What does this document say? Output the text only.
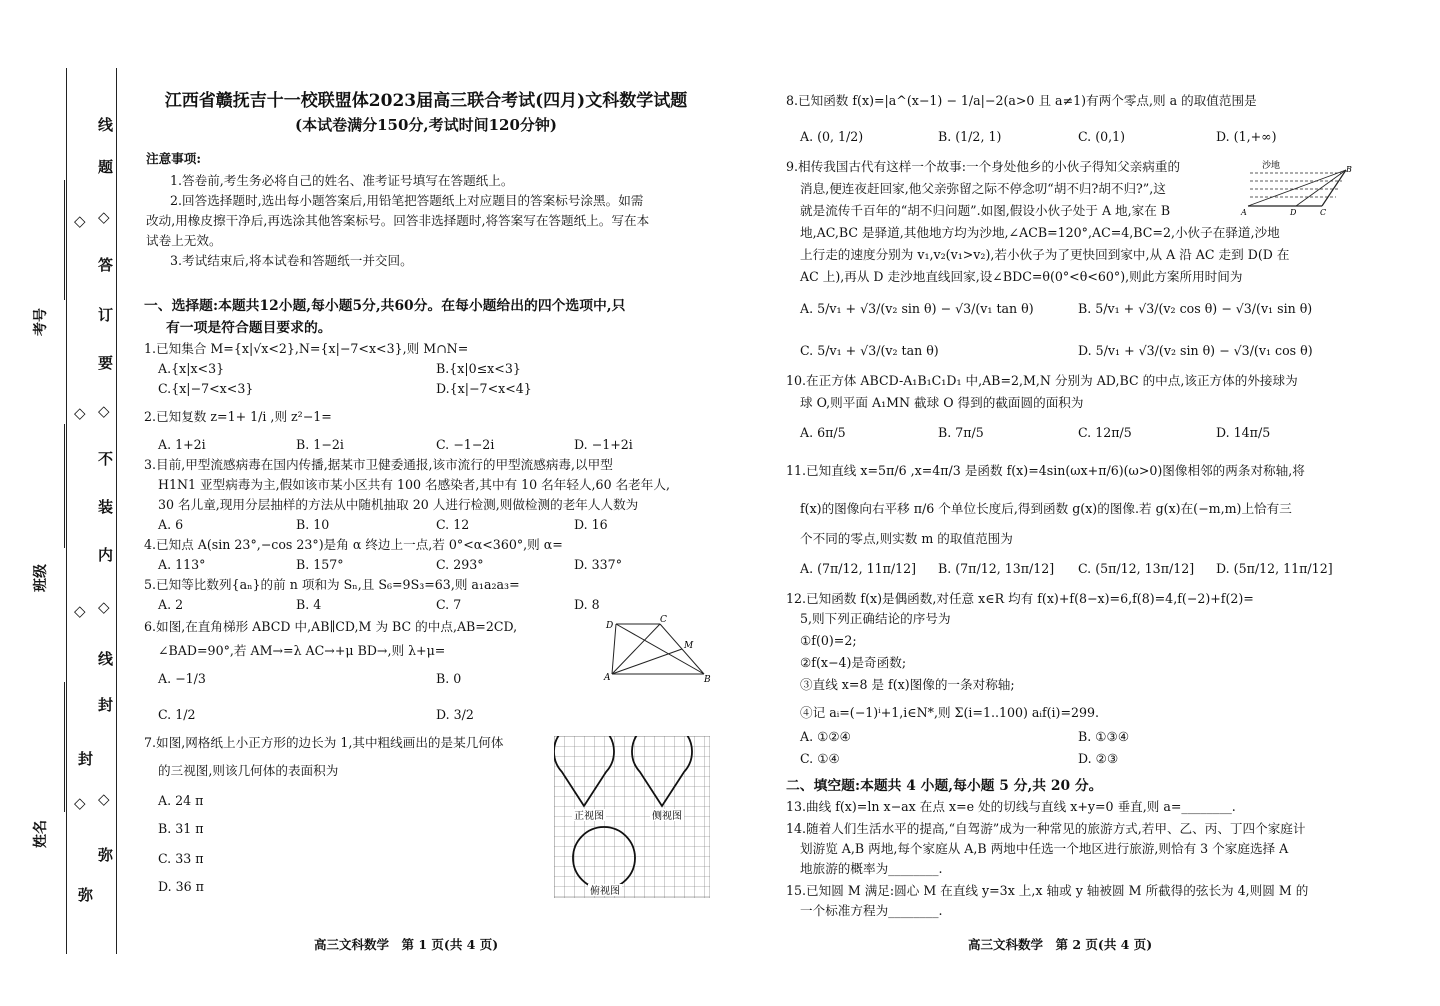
线
题
◇
答
订
要
◇
不
装
内
◇
线
封
◇
封
弥
弥
◇
◇
◇
◇
考号
班级
姓名
江西省赣抚吉十一校联盟体2023届高三联合考试(四月)文科数学试题
(本试卷满分150分,考试时间120分钟)
注意事项:
1.答卷前,考生务必将自己的姓名、准考证号填写在答题纸上。
2.回答选择题时,选出每小题答案后,用铅笔把答题纸上对应题目的答案标号涂黑。如需
改动,用橡皮擦干净后,再选涂其他答案标号。回答非选择题时,将答案写在答题纸上。写在本
试卷上无效。
3.考试结束后,将本试卷和答题纸一并交回。
一、选择题:本题共12小题,每小题5分,共60分。在每小题给出的四个选项中,只
有一项是符合题目要求的。
1.已知集合 M={x|√x<2},N={x|−7<x<3},则 M∩N=
A.{x|x<3}	B.{x|0≤x<3}
C.{x|−7<x<3}	D.{x|−7<x<4}
2.已知复数 z=1+ 1/i ,则 z²−1=
A. 1+2i	B. 1−2i	C. −1−2i	D. −1+2i
3.目前,甲型流感病毒在国内传播,据某市卫健委通报,该市流行的甲型流感病毒,以甲型
H1N1 亚型病毒为主,假如该市某小区共有 100 名感染者,其中有 10 名年轻人,60 名老年人,
30 名儿童,现用分层抽样的方法从中随机抽取 20 人进行检测,则做检测的老年人人数为
A. 6	B. 10	C. 12	D. 16
4.已知点 A(sin 23°,−cos 23°)是角 α 终边上一点,若 0°<α<360°,则 α=
A. 113°	B. 157°	C. 293°	D. 337°
5.已知等比数列{aₙ}的前 n 项和为 Sₙ,且 S₆=9S₃=63,则 a₁a₂a₃=
A. 2	B. 4	C. 7	D. 8
6.如图,在直角梯形 ABCD 中,AB∥CD,M 为 BC 的中点,AB=2CD,
∠BAD=90°,若 AM→=λ AC→+μ BD→,则 λ+μ=
A. −1/3	B. 0
C. 1/2	D. 3/2
D
C
M
A	B
7.如图,网格纸上小正方形的边长为 1,其中粗线画出的是某几何体
的三视图,则该几何体的表面积为
A. 24 π
B. 31 π
C. 33 π
D. 36 π
正视图	侧视图
俯视图
高三文科数学　第 1 页(共 4 页)
8.已知函数 f(x)=|a^(x−1) − 1/a|−2(a>0 且 a≠1)有两个零点,则 a 的取值范围是
A. (0, 1/2)	B. (1/2, 1)	C. (0,1)	D. (1,+∞)
9.相传我国古代有这样一个故事:一个身处他乡的小伙子得知父亲病重的
消息,便连夜赶回家,他父亲弥留之际不停念叨“胡不归?胡不归?”,这
就是流传千百年的“胡不归问题”.如图,假设小伙子处于 A 地,家在 B
地,AC,BC 是驿道,其他地方均为沙地,∠ACB=120°,AC=4,BC=2,小伙子在驿道,沙地
上行走的速度分别为 v₁,v₂(v₁>v₂),若小伙子为了更快回到家中,从 A 沿 AC 走到 D(D 在
AC 上),再从 D 走沙地直线回家,设∠BDC=θ(0°<θ<60°),则此方案所用时间为
A. 5/v₁ + √3/(v₂ sin θ) − √3/(v₁ tan θ)	B. 5/v₁ + √3/(v₂ cos θ) − √3/(v₁ sin θ)
C. 5/v₁ + √3/(v₂ tan θ)	D. 5/v₁ + √3/(v₂ sin θ) − √3/(v₁ cos θ)
沙地	B
A	D	C
10.在正方体 ABCD-A₁B₁C₁D₁ 中,AB=2,M,N 分别为 AD,BC 的中点,该正方体的外接球为
球 O,则平面 A₁MN 截球 O 得到的截面圆的面积为
A. 6π/5	B. 7π/5	C. 12π/5	D. 14π/5
11.已知直线 x=5π/6 ,x=4π/3 是函数 f(x)=4sin(ωx+π/6)(ω>0)图像相邻的两条对称轴,将
f(x)的图像向右平移 π/6 个单位长度后,得到函数 g(x)的图像.若 g(x)在(−m,m)上恰有三
个不同的零点,则实数 m 的取值范围为
A. (7π/12, 11π/12] B. (7π/12, 13π/12] C. (5π/12, 13π/12] D. (5π/12, 11π/12]
12.已知函数 f(x)是偶函数,对任意 x∈R 均有 f(x)+f(8−x)=6,f(8)=4,f(−2)+f(2)=
5,则下列正确结论的序号为
①f(0)=2;
②f(x−4)是奇函数;
③直线 x=8 是 f(x)图像的一条对称轴;
④记 aᵢ=(−1)ⁱ+1,i∈N*,则 Σ(i=1..100) aᵢf(i)=299.
A. ①②④	B. ①③④
C. ①④	D. ②③
二、填空题:本题共 4 小题,每小题 5 分,共 20 分。
13.曲线 f(x)=ln x−ax 在点 x=e 处的切线与直线 x+y=0 垂直,则 a=________.
14.随着人们生活水平的提高,“自驾游”成为一种常见的旅游方式,若甲、乙、丙、丁四个家庭计
划游览 A,B 两地,每个家庭从 A,B 两地中任选一个地区进行旅游,则恰有 3 个家庭选择 A
地旅游的概率为________.
15.已知圆 M 满足:圆心 M 在直线 y=3x 上,x 轴或 y 轴被圆 M 所截得的弦长为 4,则圆 M 的
一个标准方程为________.
高三文科数学　第 2 页(共 4 页)
